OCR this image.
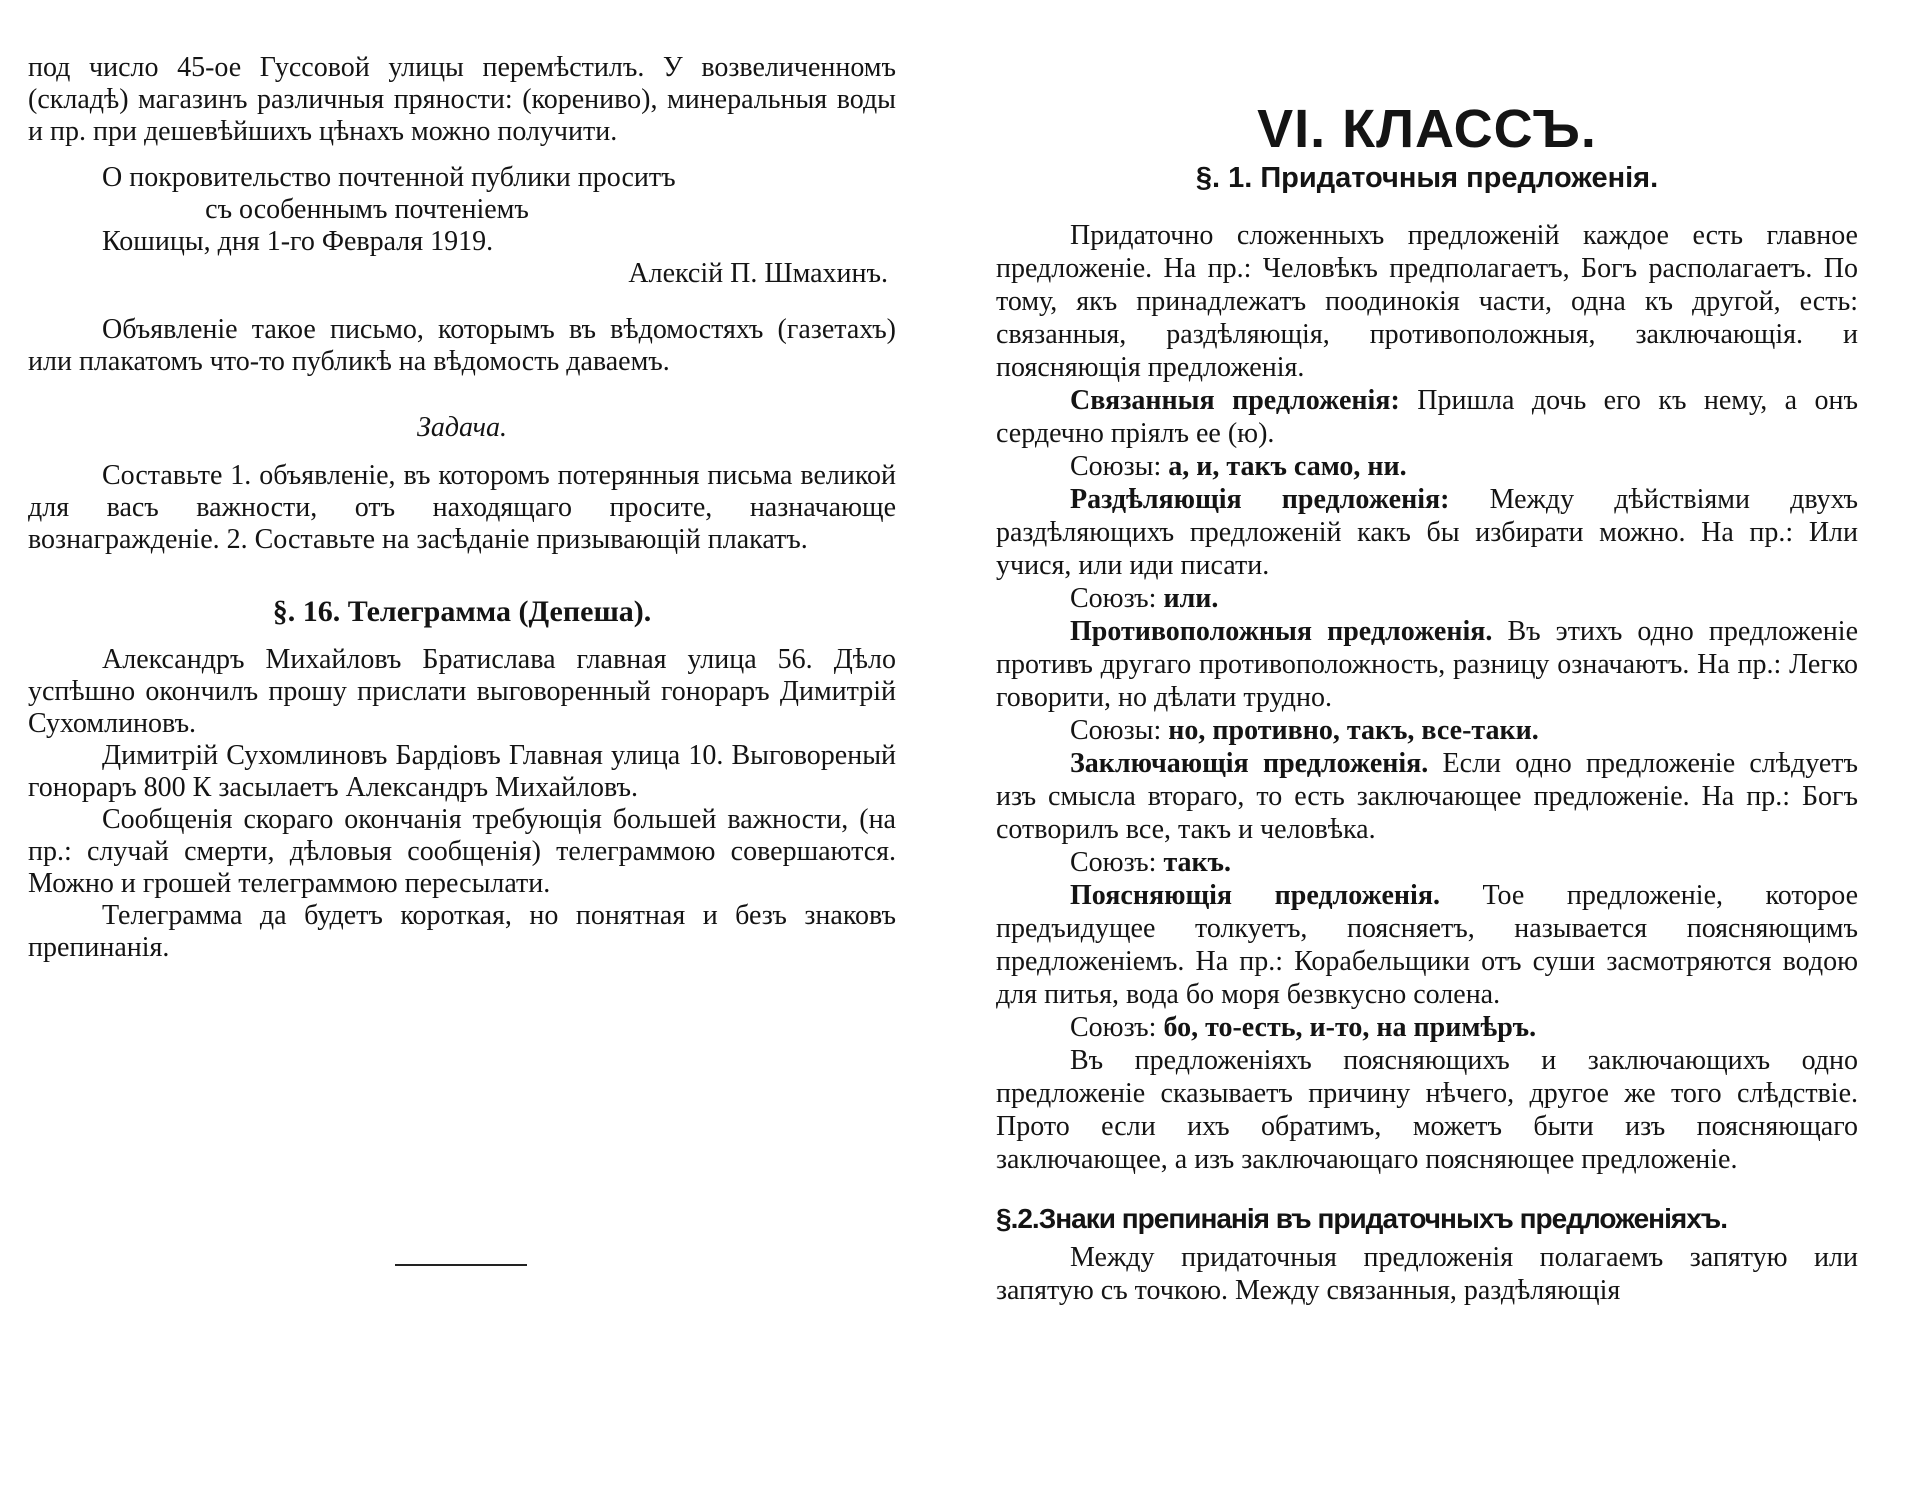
под число 45-ое Гуссовой улицы перемѣстилъ. У возвеличенномъ (складѣ) магазинъ различныя пряности: (корениво), минеральныя воды и пр. при дешевѣйшихъ цѣнахъ можно получити.

О покровительство почтенной публики проситъ

съ особеннымъ почтенiемъ

Кошицы, дня 1-го Февраля 1919.

Алексiй П. Шмахинъ.

Объявленiе такое письмо, которымъ въ вѣдомостяхъ (газетахъ) или плакатомъ что-то публикѣ на вѣдомость даваемъ.

Задача.

Составьте 1. объявленiе, въ которомъ потерянныя письма великой для васъ важности, отъ находящаго просите, назначающе вознагражденiе. 2. Составьте на засѣданiе призывающiй плакатъ.

§. 16. Телеграмма (Депеша).

Александръ Михайловъ Братислава главная улица 56. Дѣло успѣшно окончилъ прошу прислати выговоренный гонораръ Димитрiй Сухомлиновъ.

Димитрiй Сухомлиновъ Бардiовъ Главная улица 10. Выговореный гонораръ 800 К засылаетъ Александръ Михайловъ.

Сообщенiя скораго окончанiя требующiя большей важности, (на пр.: случай смерти, дѣловыя сообщенiя) телеграммою совершаются. Можно и грошей телеграммою пересылати.

Телеграмма да будетъ короткая, но понятная и безъ знаковъ препинанiя.

VI. КЛАССЪ.

§. 1. Придаточныя предложенiя.

Придаточно сложенныхъ предложенiй каждое есть главное предложенiе. На пр.: Человѣкъ предполагаетъ, Богъ располагаетъ. По тому, якъ принадлежатъ поодинокiя части, одна къ другой, есть: связанныя, раздѣляющiя, противоположныя, заключающiя. и поясняющiя предложенiя.

Связанныя предложенiя: Пришла дочь его къ нему, а онъ сердечно прiялъ ее (ю).

Союзы: а, и, такъ само, ни.

Раздѣляющiя предложенiя: Между дѣйствiями двухъ раздѣляющихъ предложенiй какъ бы избирати можно. На пр.: Или учися, или иди писати.

Союзъ: или.

Противоположныя предложенiя. Въ этихъ одно предложенiе противъ другаго противоположность, разницу означаютъ. На пр.: Легко говорити, но дѣлати трудно.

Союзы: но, противно, такъ, все-таки.

Заключающiя предложенiя. Если одно предложенiе слѣдуетъ изъ смысла втораго, то есть заключающее предложенiе. На пр.: Богъ сотворилъ все, такъ и человѣка.

Союзъ: такъ.

Поясняющiя предложенiя. Тое предложенiе, которое предъидущее толкуетъ, поясняетъ, называется поясняющимъ предложенiемъ. На пр.: Корабельщики отъ суши засмотряются водою для питья, вода бо моря безвкусно солена.

Союзъ: бо, то-есть, и-то, на примѣръ.

Въ предложенiяхъ поясняющихъ и заключающихъ одно предложенiе сказываетъ причину нѣчего, другое же того слѣдствiе. Прото если ихъ обратимъ, можетъ быти изъ поясняющаго заключающее, а изъ заключающаго поясняющее предложенiе.

§.2.Знаки препинанiя въ придаточныхъ предложенiяхъ.

Между придаточныя предложенiя полагаемъ запятую или запятую съ точкою. Между связанныя, раздѣляющiя
